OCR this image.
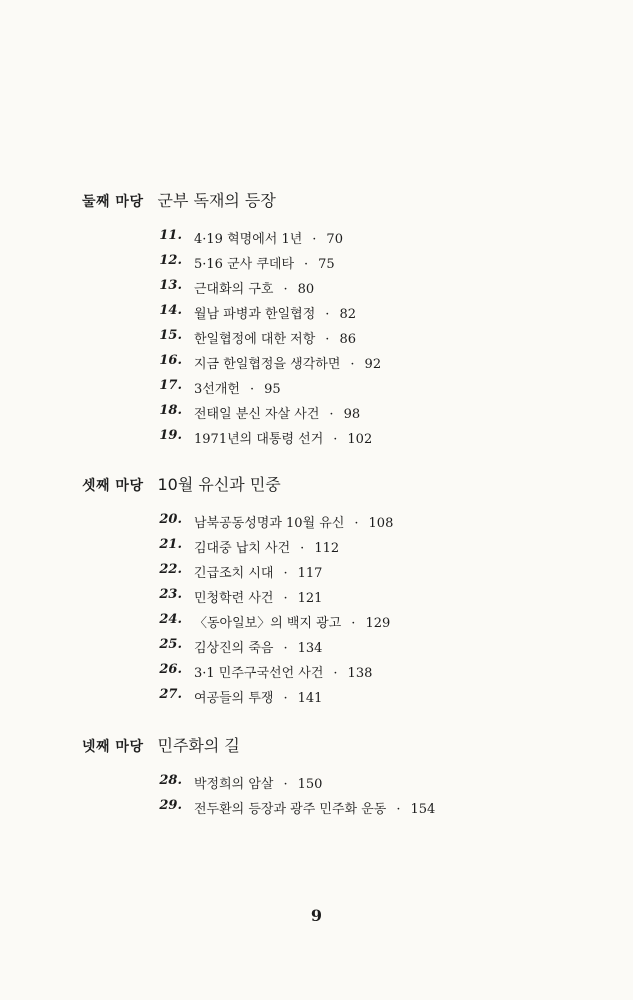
둘째 마당 군부 독재의 등장
11. 4·19 혁명에서 1년 · 70
12. 5·16 군사 쿠데타 · 75
13. 근대화의 구호 · 80
14. 월남 파병과 한일협정 · 82
15. 한일협정에 대한 저항 · 86
16. 지금 한일협정을 생각하면 · 92
17. 3선개헌 · 95
18. 전태일 분신 자살 사건 · 98
19. 1971년의 대통령 선거 · 102
셋째 마당 10월 유신과 민중
20. 남북공동성명과 10월 유신 · 108
21. 김대중 납치 사건 · 112
22. 긴급조치 시대 · 117
23. 민청학련 사건 · 121
24. 〈동아일보〉의 백지 광고 · 129
25. 김상진의 죽음 · 134
26. 3·1 민주구국선언 사건 · 138
27. 여공들의 투쟁 · 141
넷째 마당 민주화의 길
28. 박정희의 암살 · 150
29. 전두환의 등장과 광주 민주화 운동 · 154
9
